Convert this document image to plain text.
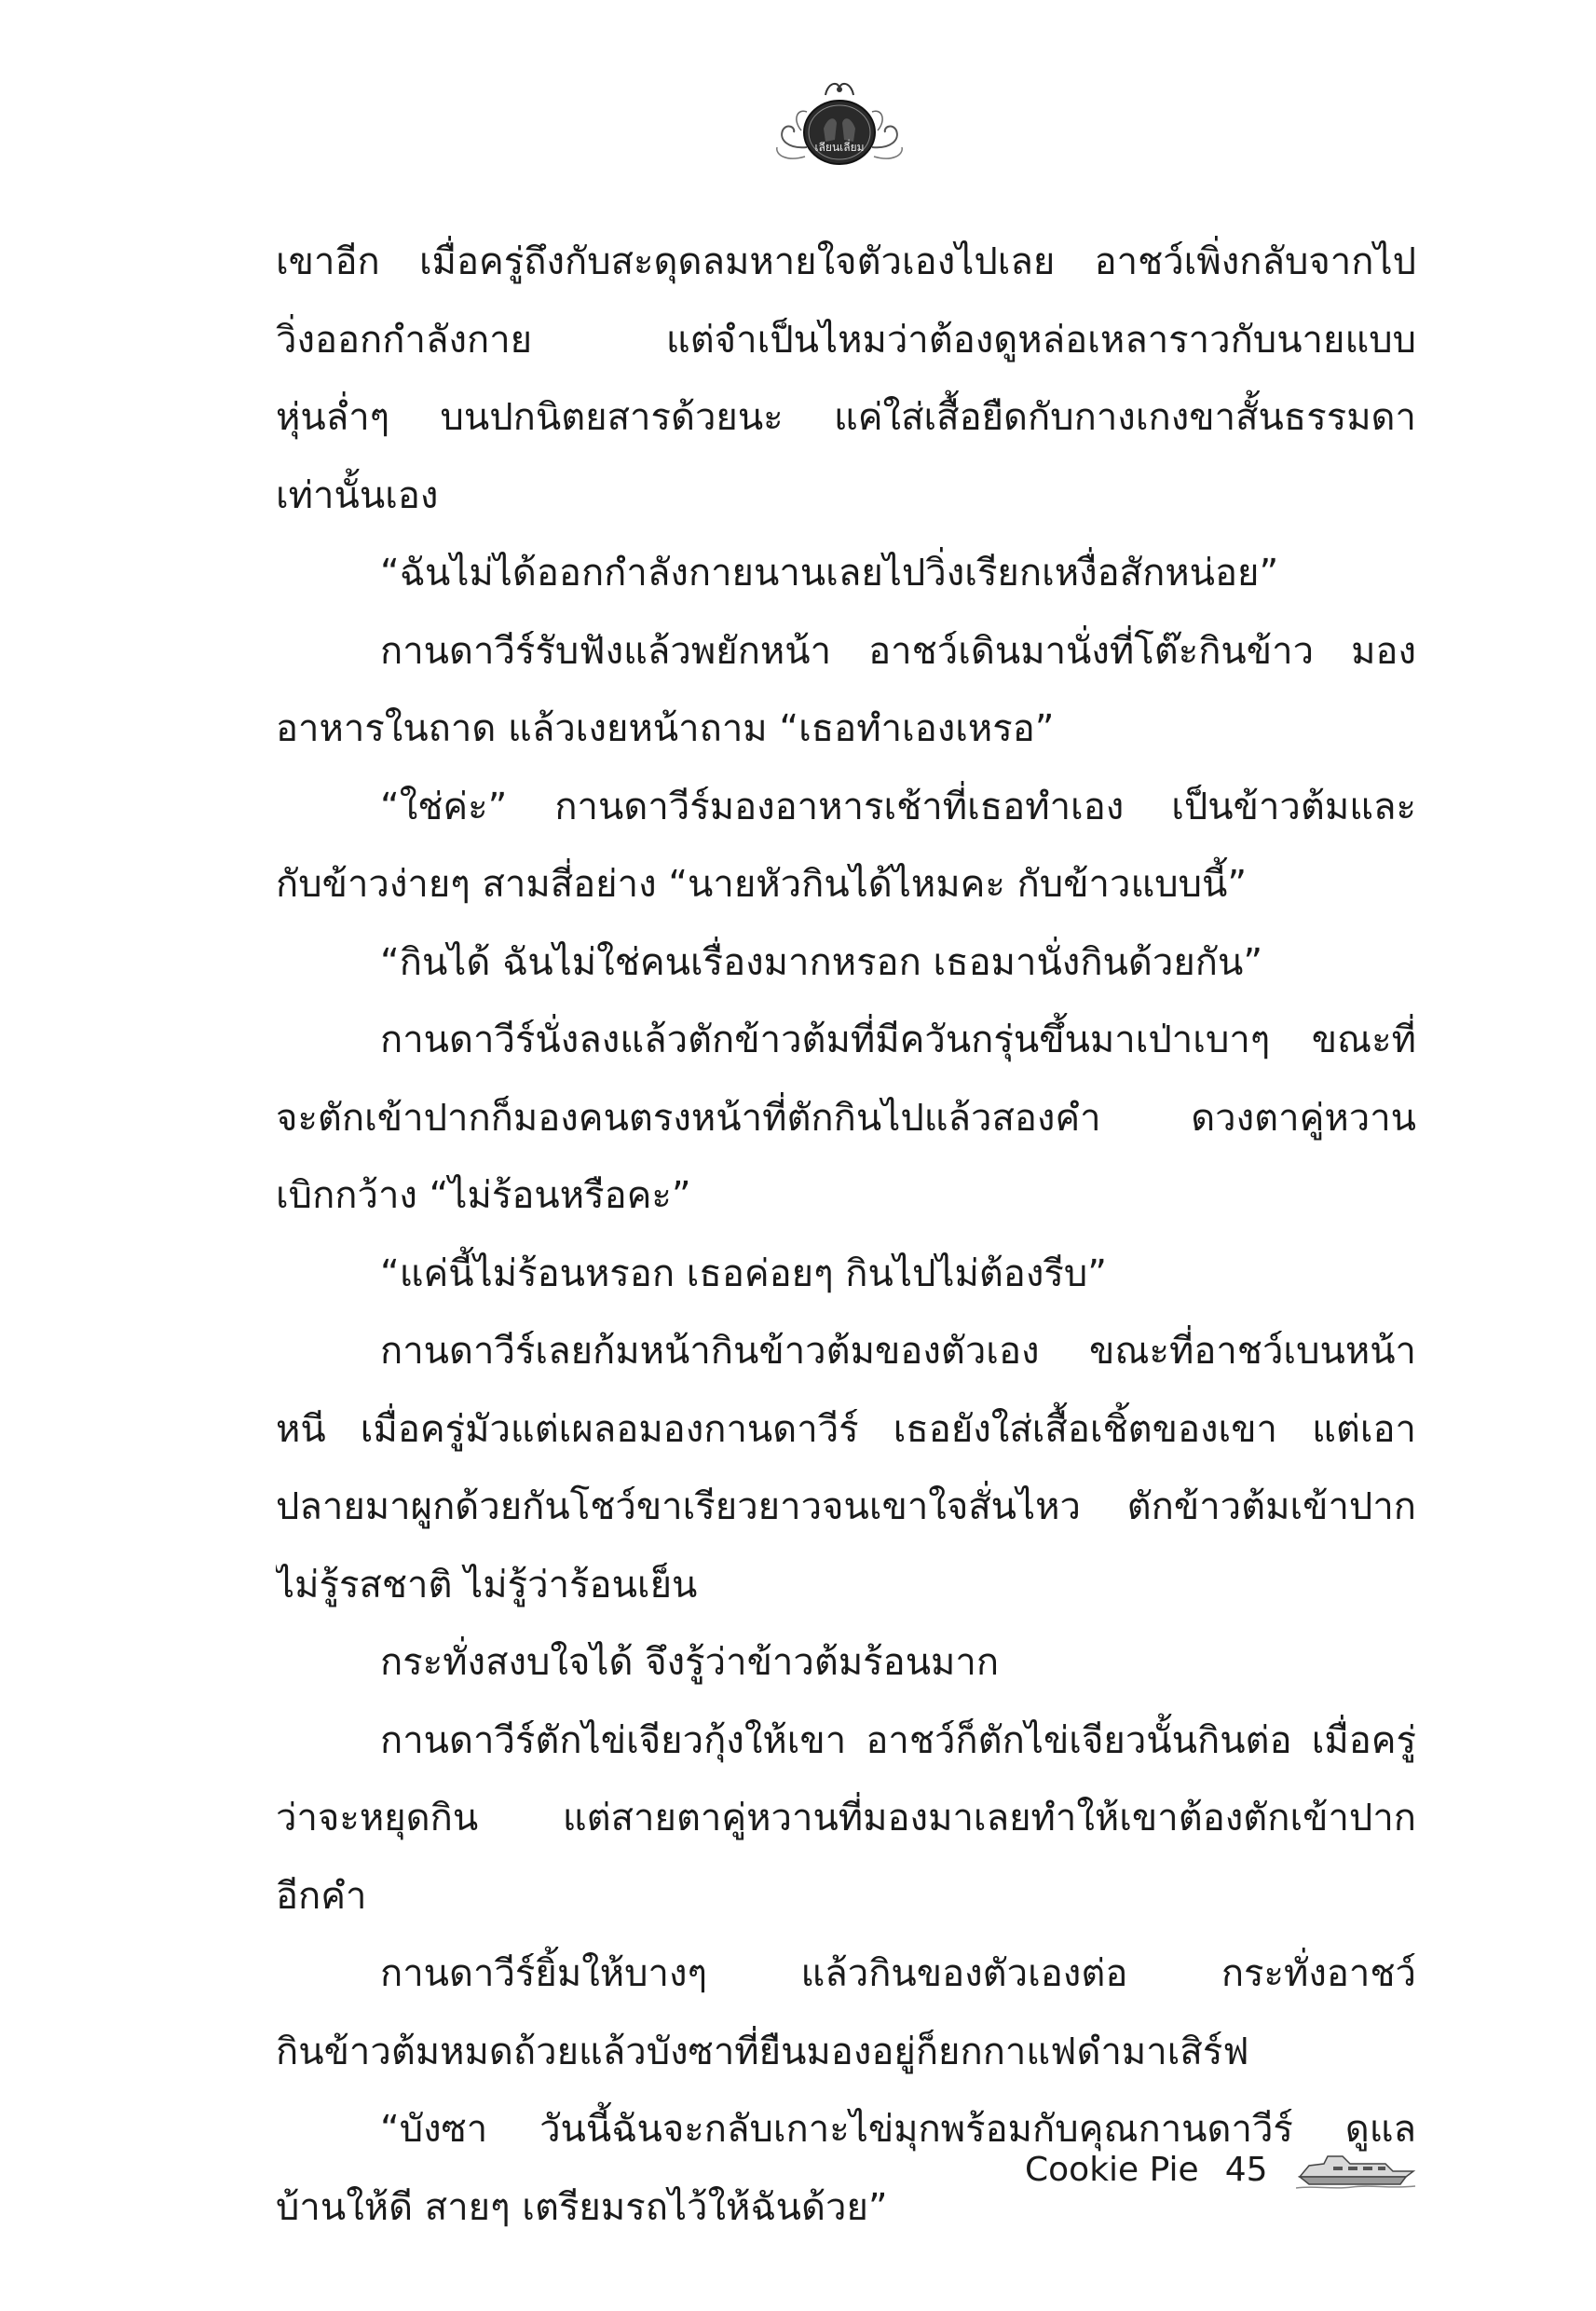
เลียนเลี่ยม
เขาอีก เมื่อครู่ถึงกับสะดุดลมหายใจตัวเองไปเลย อาชว์เพิ่งกลับจากไป
วิ่งออกกำลังกาย แต่จำเป็นไหมว่าต้องดูหล่อเหลาราวกับนายแบบ
หุ่นล่ำๆ บนปกนิตยสารด้วยนะ แค่ใส่เสื้อยืดกับกางเกงขาสั้นธรรมดา
เท่านั้นเอง
“ฉันไม่ได้ออกกำลังกายนานเลยไปวิ่งเรียกเหงื่อสักหน่อย”
กานดาวีร์รับฟังแล้วพยักหน้า อาชว์เดินมานั่งที่โต๊ะกินข้าว มอง
อาหารในถาด แล้วเงยหน้าถาม “เธอทำเองเหรอ”
“ใช่ค่ะ” กานดาวีร์มองอาหารเช้าที่เธอทำเอง เป็นข้าวต้มและ
กับข้าวง่ายๆ สามสี่อย่าง “นายหัวกินได้ไหมคะ กับข้าวแบบนี้”
“กินได้ ฉันไม่ใช่คนเรื่องมากหรอก เธอมานั่งกินด้วยกัน”
กานดาวีร์นั่งลงแล้วตักข้าวต้มที่มีควันกรุ่นขึ้นมาเป่าเบาๆ ขณะที่
จะตักเข้าปากก็มองคนตรงหน้าที่ตักกินไปแล้วสองคำ ดวงตาคู่หวาน
เบิกกว้าง “ไม่ร้อนหรือคะ”
“แค่นี้ไม่ร้อนหรอก เธอค่อยๆ กินไปไม่ต้องรีบ”
กานดาวีร์เลยก้มหน้ากินข้าวต้มของตัวเอง ขณะที่อาชว์เบนหน้า
หนี เมื่อครู่มัวแต่เผลอมองกานดาวีร์ เธอยังใส่เสื้อเชิ้ตของเขา แต่เอา
ปลายมาผูกด้วยกันโชว์ขาเรียวยาวจนเขาใจสั่นไหว ตักข้าวต้มเข้าปาก
ไม่รู้รสชาติ ไม่รู้ว่าร้อนเย็น
กระทั่งสงบใจได้ จึงรู้ว่าข้าวต้มร้อนมาก
กานดาวีร์ตักไข่เจียวกุ้งให้เขา อาชว์ก็ตักไข่เจียวนั้นกินต่อ เมื่อครู่
ว่าจะหยุดกิน แต่สายตาคู่หวานที่มองมาเลยทำให้เขาต้องตักเข้าปาก
อีกคำ
กานดาวีร์ยิ้มให้บางๆ แล้วกินของตัวเองต่อ กระทั่งอาชว์
กินข้าวต้มหมดถ้วยแล้วบังซาที่ยืนมองอยู่ก็ยกกาแฟดำมาเสิร์ฟ
“บังซา วันนี้ฉันจะกลับเกาะไข่มุกพร้อมกับคุณกานดาวีร์ ดูแล
บ้านให้ดี สายๆ เตรียมรถไว้ให้ฉันด้วย”
Cookie Pie 45
